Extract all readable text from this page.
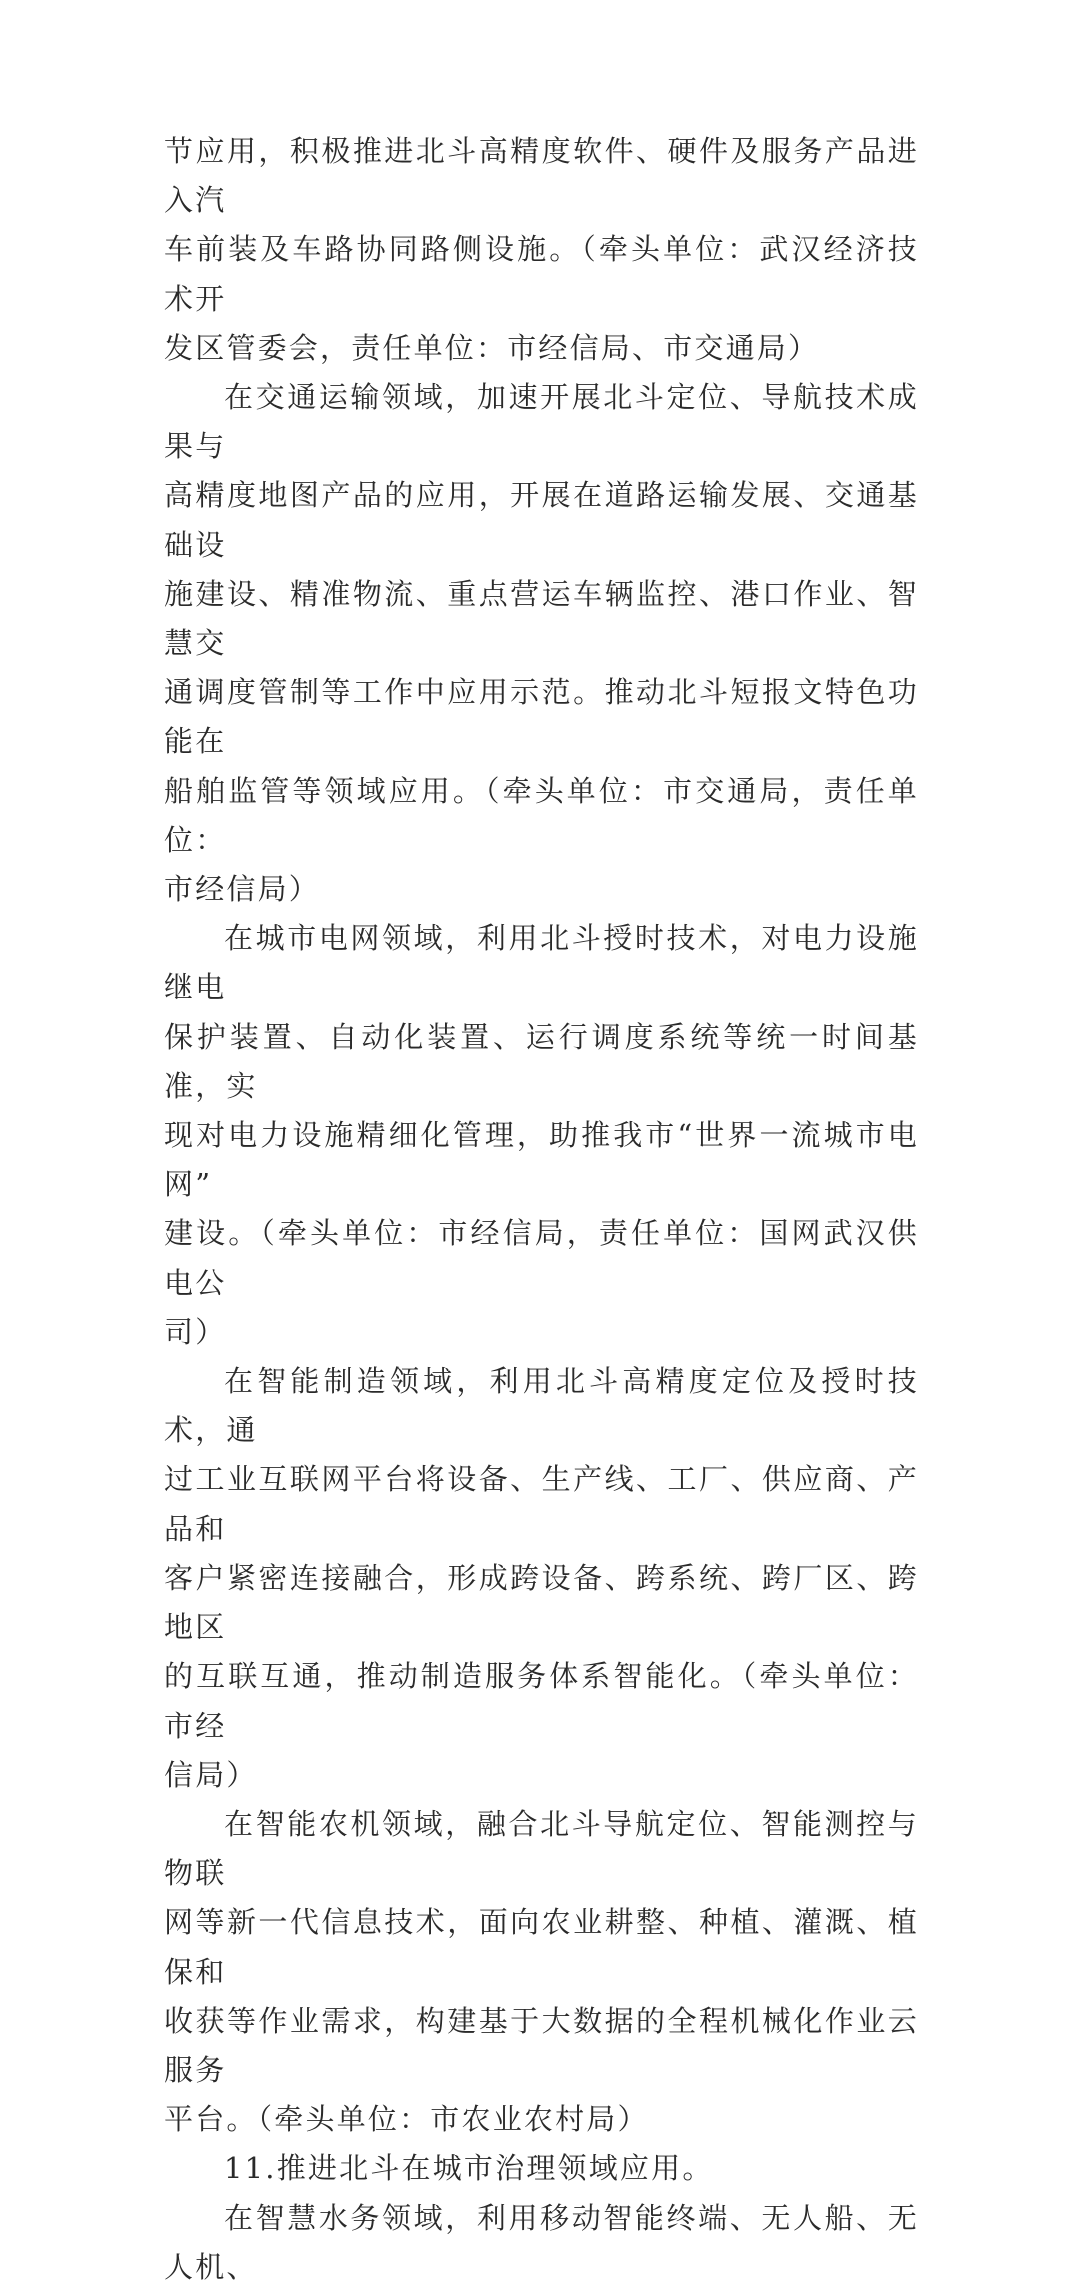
节应用，积极推进北斗高精度软件、硬件及服务产品进入汽
车前装及车路协同路侧设施。（牵头单位：武汉经济技术开
发区管委会，责任单位：市经信局、市交通局）

在交通运输领域，加速开展北斗定位、导航技术成果与
高精度地图产品的应用，开展在道路运输发展、交通基础设
施建设、精准物流、重点营运车辆监控、港口作业、智慧交
通调度管制等工作中应用示范。推动北斗短报文特色功能在
船舶监管等领域应用。（牵头单位：市交通局，责任单位：
市经信局）

在城市电网领域，利用北斗授时技术，对电力设施继电
保护装置、自动化装置、运行调度系统等统一时间基准，实
现对电力设施精细化管理，助推我市“世界一流城市电网”
建设。（牵头单位：市经信局，责任单位：国网武汉供电公
司）

在智能制造领域，利用北斗高精度定位及授时技术，通
过工业互联网平台将设备、生产线、工厂、供应商、产品和
客户紧密连接融合，形成跨设备、跨系统、跨厂区、跨地区
的互联互通，推动制造服务体系智能化。（牵头单位：市经
信局）

在智能农机领域，融合北斗导航定位、智能测控与物联
网等新一代信息技术，面向农业耕整、种植、灌溉、植保和
收获等作业需求，构建基于大数据的全程机械化作业云服务
平台。（牵头单位：市农业农村局）

11.推进北斗在城市治理领域应用。

在智慧水务领域，利用移动智能终端、无人船、无人机、
